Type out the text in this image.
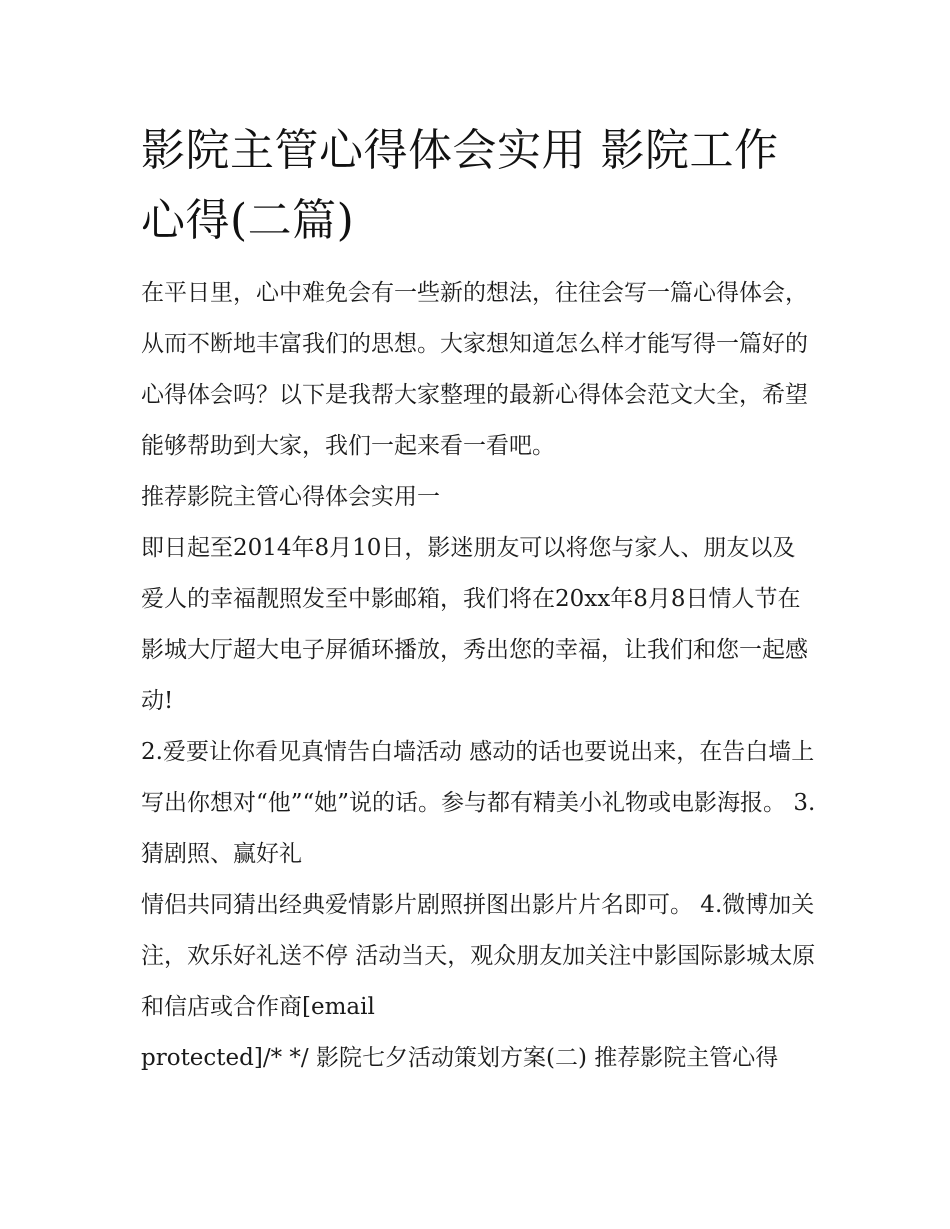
影院主管心得体会实用 影院工作心得(二篇)

在平日里，心中难免会有一些新的想法，往往会写一篇心得体会，从而不断地丰富我们的思想。大家想知道怎么样才能写得一篇好的心得体会吗？以下是我帮大家整理的最新心得体会范文大全，希望能够帮助到大家，我们一起来看一看吧。

推荐影院主管心得体会实用一

即日起至2014年8月10日，影迷朋友可以将您与家人、朋友以及爱人的幸福靓照发至中影邮箱，我们将在20xx年8月8日情人节在影城大厅超大电子屏循环播放，秀出您的幸福，让我们和您一起感动!

2.爱要让你看见真情告白墙活动 感动的话也要说出来，在告白墙上写出你想对“他”“她”说的话。参与都有精美小礼物或电影海报。 3.猜剧照、赢好礼

情侣共同猜出经典爱情影片剧照拼图出影片片名即可。 4.微博加关注，欢乐好礼送不停 活动当天，观众朋友加关注中影国际影城太原和信店或合作商[email

protected]/* */ 影院七夕活动策划方案(二) 推荐影院主管心得
